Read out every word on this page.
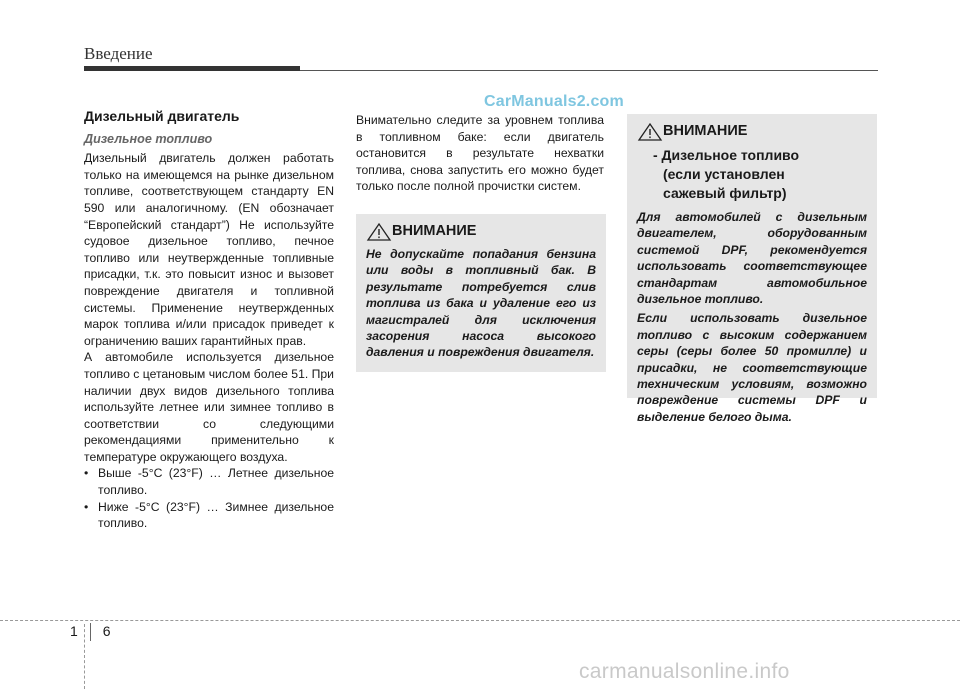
Введение
CarManuals2.com
Дизельный двигатель
Дизельное топливо

Дизельный двигатель должен работать только на имеющемся на рынке дизельном топливе, соответствующем стандарту EN 590 или аналогичному. (EN обозначает “Европейский стандарт”) Не используйте судовое дизельное топливо, печное топливо или неутвержденные топливные присадки, т.к. это повысит износ и вызовет повреждение двигателя и топливной системы. Применение неутвержденных марок топлива и/или присадок приведет к ограничению ваших гарантийных прав.

А автомобиле используется дизельное топливо с цетановым числом более 51. При наличии двух видов дизельного топлива используйте летнее или зимнее топливо в соответствии со следующими рекомендациями применительно к температуре окружающего воздуха.

• Выше -5°C (23°F) … Летнее дизельное топливо.
• Ниже -5°C (23°F) … Зимнее дизельное топливо.

Внимательно следите за уровнем топлива в топливном баке: если двигатель остановится в результате нехватки топлива, снова запустить его можно будет только после полной прочистки систем.

ВНИМАНИЕ

Не допускайте попадания бензина или воды в топливный бак. В результате потребуется слив топлива из бака и удаление его из магистралей для исключения засорения насоса высокого давления и повреждения двигателя.

ВНИМАНИЕ
- Дизельное топливо
(если установлен
сажевый фильтр)

Для автомобилей с дизельным двигателем, оборудованным системой DPF, рекомендуется использовать соответствующее стандартам автомобильное дизельное топливо.

Если использовать дизельное топливо с высоким содержанием серы (серы более 50 промилле) и присадки, не соответствующие техническим условиям, возможно повреждение системы DPF и выделение белого дыма.

1 6
carmanualsonline.info
